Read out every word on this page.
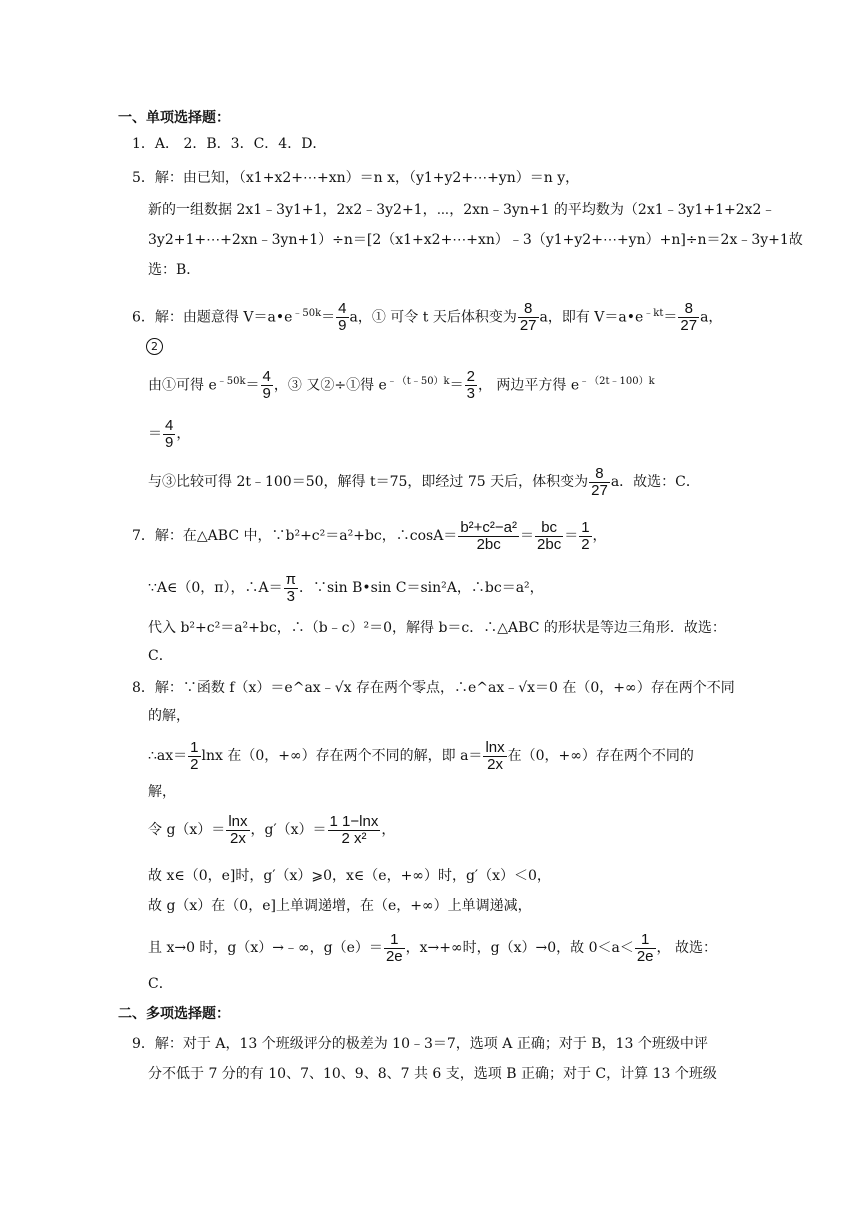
一、单项选择题：
1．A． 2．B．3．C．4．D．
5．解：由已知，（x1+x2+⋯+xn）＝n x，（y1+y2+⋯+yn）＝n y，
新的一组数据 2x1﹣3y1+1，2x2﹣3y2+1，⋯，2xn﹣3yn+1 的平均数为（2x1﹣3y1+1+2x2﹣
3y2+1+⋯+2xn﹣3yn+1）÷n＝[2（x1+x2+⋯+xn）﹣3（y1+y2+⋯+yn）+n]÷n＝2x﹣3y+1故
选：B．
6．解：由题意得 $V=a•e^{﹣50k}= \frac{4}{9}$ a，① 可令 t 天后体积变为 $\frac{8}{27}$ a，即有 $V=a•e^{﹣kt}= \frac{8}{27}$ a，
2
由①可得 $e^{﹣50k}= \frac{4}{9}$ ，③ 又②÷①得 $e^{﹣(t﹣50)k}= \frac{2}{3}$ ， 两边平方得 $e^{﹣(2t﹣100)k}$
＝ $\frac{4}{9}$ ，
与③比较可得 2t﹣100＝50，解得 t＝75，即经过 75 天后，体积变为 $\frac{8}{27}$ a．故选：C．
7．解：在△ABC 中，∵b²+c²＝a²+bc，∴cosA＝ $\frac{\text{b²+c²−a²}}{2bc} = \frac{bc}{2bc} = \frac{1}{2}$ ，
∵A∈（0，π），∴A＝ $\frac{\pi}{3}$ ．∵sin B•sin C＝sin²A，∴bc＝a²，
代入 b²+c²＝a²+bc，∴（b﹣c）²＝0，解得 b＝c．∴△ABC 的形状是等边三角形．故选：
C．
8．解：∵函数 f（x）＝e^ax﹣√x 存在两个零点，∴e^ax﹣√x＝0 在（0，+∞）存在两个不同
的解，
∴ax＝ $\frac{1}{2}$ lnx 在（0，+∞）存在两个不同的解，即 $a= \frac{\ln x}{2x}$ 在（0，+∞）存在两个不同的
解，
令 $g(x)= \frac{\ln x}{2x}$ ，$g'(x)= \frac{1 1-\ln x}{\text{2 x²}}$ ，
故 x∈（0，e]时，g′（x）⩾0，x∈（e，+∞）时，g′（x）＜0，
故 g（x）在（0，e]上单调递增，在（e，+∞）上单调递减，
且 x→0 时，g（x）→﹣∞，$g(e)= \frac{1}{2e}$ ，x→+∞时，g（x）→0，故 $0<a< \frac{1}{2e}$ ， 故选：
C．
二、多项选择题：
9．解：对于 A，13 个班级评分的极差为 10﹣3＝7，选项 A 正确；对于 B，13 个班级中评
分不低于 7 分的有 10、7、10、9、8、7 共 6 支，选项 B 正确；对于 C，计算 13 个班级
